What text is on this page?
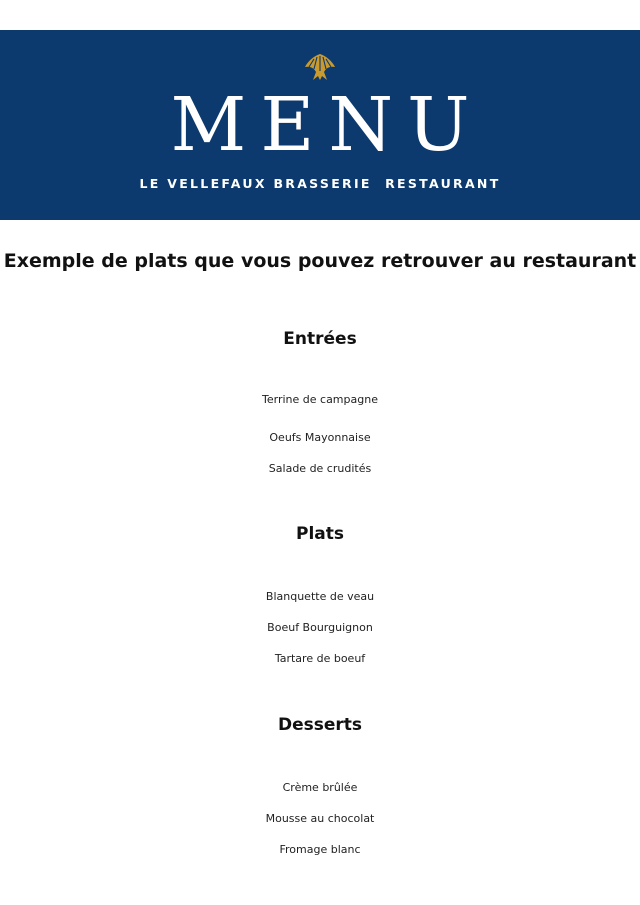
MENU
LE VELLEFAUX BRASSERIE  RESTAURANT
Exemple de plats que vous pouvez retrouver au restaurant
Entrées
Terrine de campagne
Oeufs Mayonnaise
Salade de crudités
Plats
Blanquette de veau
Boeuf Bourguignon
Tartare de boeuf
Desserts
Crème brûlée
Mousse au chocolat
Fromage blanc
